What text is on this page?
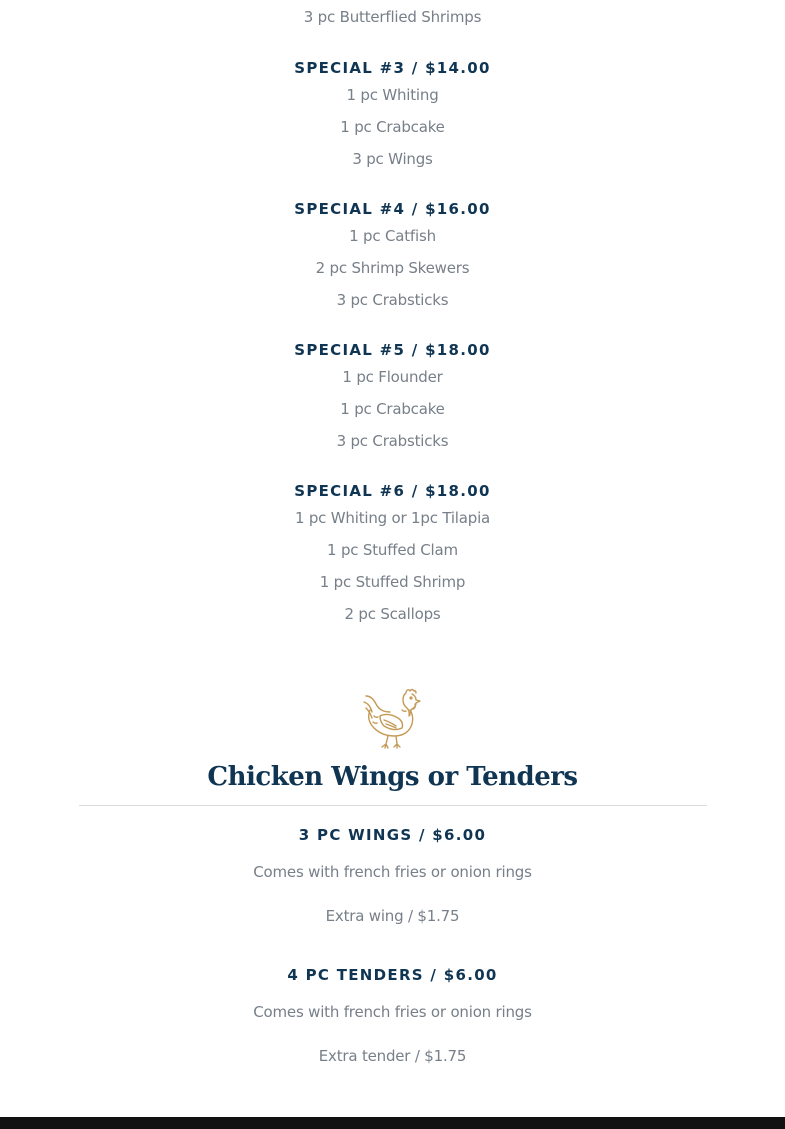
3 pc Butterflied Shrimps

SPECIAL #3 / $14.00

1 pc Whiting

1 pc Crabcake

3 pc Wings

SPECIAL #4 / $16.00

1 pc Catfish

2 pc Shrimp Skewers

3 pc Crabsticks

SPECIAL #5 / $18.00

1 pc Flounder

1 pc Crabcake

3 pc Crabsticks

SPECIAL #6 / $18.00

1 pc Whiting or 1pc Tilapia

1 pc Stuffed Clam

1 pc Stuffed Shrimp

2 pc Scallops

Chicken Wings or Tenders

3 PC WINGS / $6.00

Comes with french fries or onion rings

Extra wing / $1.75

4 PC TENDERS / $6.00

Comes with french fries or onion rings

Extra tender / $1.75
